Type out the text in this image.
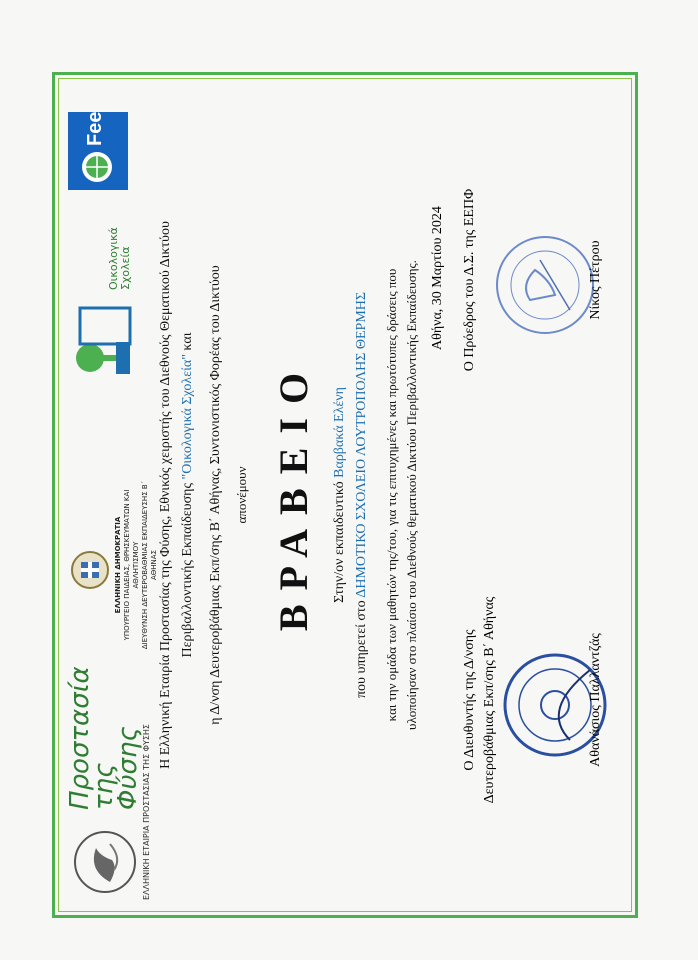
Προστασία της Φύσης ΕΛΛΗΝΙΚΗ ΕΤΑΙΡΙΑ ΠΡΟΣΤΑΣΙΑΣ ΤΗΣ ΦΥΣΗΣ
ΕΛΛΗΝΙΚΗ ΔΗΜΟΚΡΑΤΙΑ ΥΠΟΥΡΓΕΙΟ ΠΑΙΔΕΙΑΣ, ΘΡΗΣΚΕΥΜΑΤΩΝ ΚΑΙ ΑΘΛΗΤΙΣΜΟΥ ΔΙΕΥΘΥΝΣΗ ΔΕΥΤΕΡΟΒΑΘΜΙΑΣ ΕΚΠΑΙΔΕΥΣΗΣ Β΄ ΑΘΗΝΑΣ
Οικολογικά Σχολεία
Fee
Η Ελληνική Εταιρία Προστασίας της Φύσης, Εθνικός χειριστής του Διεθνούς Θεματικού Δικτύου Περιβαλλοντικής Εκπαίδευσης "Οικολογικά Σχολεία" και η Δ/νση Δευτεροβάθμιας Εκπ/σης Β΄ Αθήνας, Συντονιστικός Φορέας του Δικτύου απονέμουν ΒΡΑΒΕΙΟ Στην/ον εκπαιδευτικό Βαρβακά Ελένη
που υπηρετεί στο ΔΗΜΟΤΙΚΟ ΣΧΟΛΕΙΟ ΛΟΥΤΡΟΠΟΛΗΣ ΘΕΡΜΗΣ και την ομάδα των μαθητών της/του, για τις επιτυχημένες και πρωτότυπες δράσεις που υλοποίησαν στο πλαίσιο του Διεθνούς θεματικού Δικτύου Περιβαλλοντικής Εκπαίδευσης. Αθήνα, 30 Μαρτίου 2024
Ο Διευθυντής της Δ/νσης Δευτεροβάθμιας Εκπ/σης Β΄ Αθήνας
Ο Πρόεδρος του Δ.Σ. της ΕΕΠΦ
Αθανάσιος Παλλαντζάς
Νίκος Πέτρου
